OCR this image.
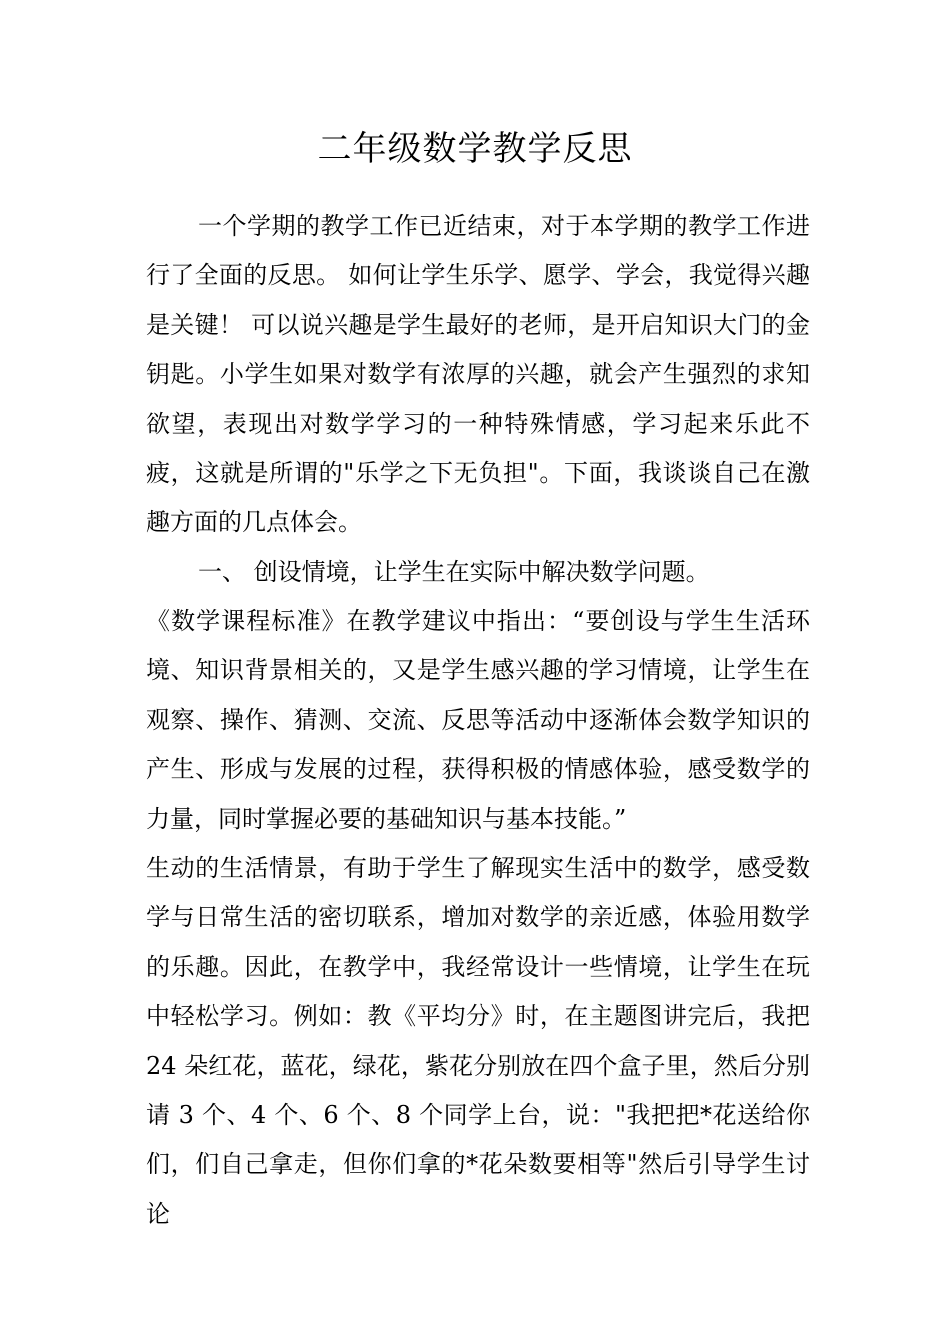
二年级数学教学反思

一个学期的教学工作已近结束，对于本学期的教学工作进行了全面的反思。 如何让学生乐学、愿学、学会，我觉得兴趣是关键！ 可以说兴趣是学生最好的老师，是开启知识大门的金钥匙。小学生如果对数学有浓厚的兴趣，就会产生强烈的求知欲望，表现出对数学学习的一种特殊情感，学习起来乐此不疲，这就是所谓的"乐学之下无负担"。下面，我谈谈自己在激趣方面的几点体会。

一、 创设情境，让学生在实际中解决数学问题。

《数学课程标准》在教学建议中指出：“要创设与学生生活环境、知识背景相关的，又是学生感兴趣的学习情境，让学生在观察、操作、猜测、交流、反思等活动中逐渐体会数学知识的产生、形成与发展的过程，获得积极的情感体验，感受数学的力量，同时掌握必要的基础知识与基本技能。”

生动的生活情景，有助于学生了解现实生活中的数学，感受数学与日常生活的密切联系，增加对数学的亲近感，体验用数学的乐趣。因此，在教学中，我经常设计一些情境，让学生在玩中轻松学习。例如：教《平均分》时，在主题图讲完后，我把 24 朵红花，蓝花，绿花，紫花分别放在四个盒子里，然后分别请 3 个、4 个、6 个、8 个同学上台，说："我把把*花送给你们，们自己拿走，但你们拿的*花朵数要相等"然后引导学生讨论
